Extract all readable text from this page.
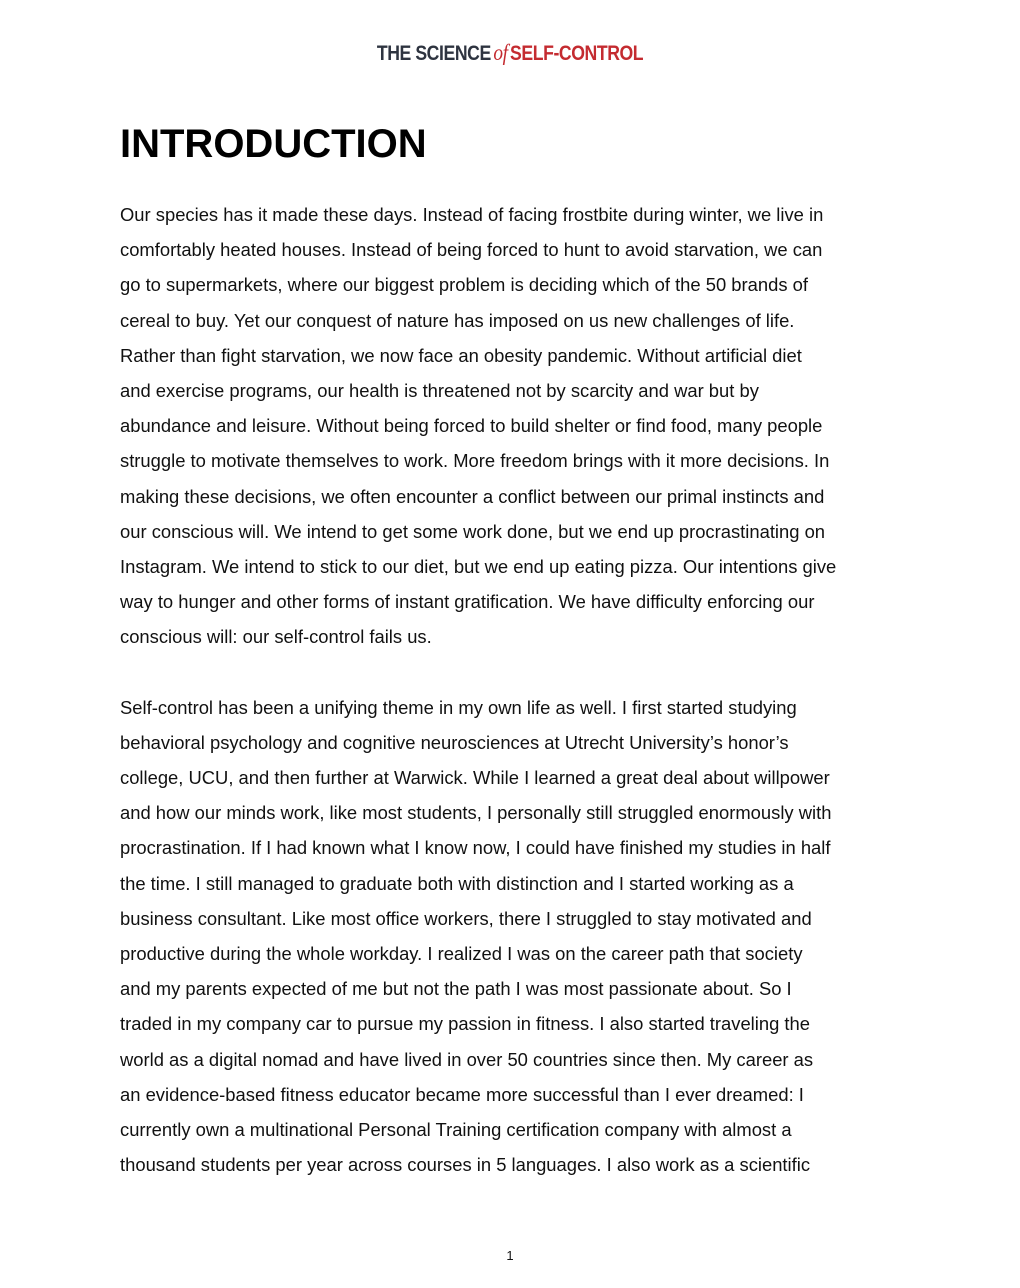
THE SCIENCE of SELF-CONTROL
INTRODUCTION
Our species has it made these days. Instead of facing frostbite during winter, we live in
comfortably heated houses. Instead of being forced to hunt to avoid starvation, we can
go to supermarkets, where our biggest problem is deciding which of the 50 brands of
cereal to buy. Yet our conquest of nature has imposed on us new challenges of life.
Rather than fight starvation, we now face an obesity pandemic. Without artificial diet
and exercise programs, our health is threatened not by scarcity and war but by
abundance and leisure. Without being forced to build shelter or find food, many people
struggle to motivate themselves to work. More freedom brings with it more decisions. In
making these decisions, we often encounter a conflict between our primal instincts and
our conscious will. We intend to get some work done, but we end up procrastinating on
Instagram. We intend to stick to our diet, but we end up eating pizza. Our intentions give
way to hunger and other forms of instant gratification. We have difficulty enforcing our
conscious will: our self-control fails us.
Self-control has been a unifying theme in my own life as well. I first started studying
behavioral psychology and cognitive neurosciences at Utrecht University’s honor’s
college, UCU, and then further at Warwick. While I learned a great deal about willpower
and how our minds work, like most students, I personally still struggled enormously with
procrastination. If I had known what I know now, I could have finished my studies in half
the time. I still managed to graduate both with distinction and I started working as a
business consultant. Like most office workers, there I struggled to stay motivated and
productive during the whole workday. I realized I was on the career path that society
and my parents expected of me but not the path I was most passionate about. So I
traded in my company car to pursue my passion in fitness. I also started traveling the
world as a digital nomad and have lived in over 50 countries since then. My career as
an evidence-based fitness educator became more successful than I ever dreamed: I
currently own a multinational Personal Training certification company with almost a
thousand students per year across courses in 5 languages. I also work as a scientific
1
